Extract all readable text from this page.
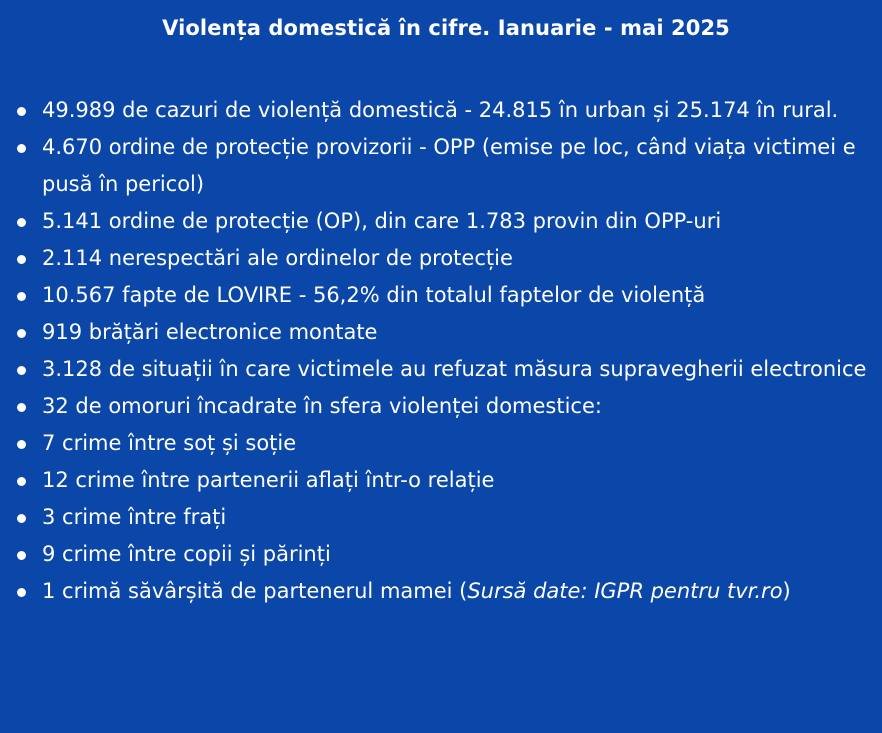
Violența domestică în cifre. Ianuarie - mai 2025
49.989 de cazuri de violență domestică - 24.815 în urban și 25.174 în rural.
4.670 ordine de protecție provizorii - OPP (emise pe loc, când viața victimei e pusă în pericol)
5.141 ordine de protecție (OP), din care 1.783 provin din OPP-uri
2.114 nerespectări ale ordinelor de protecție
10.567 fapte de LOVIRE - 56,2% din totalul faptelor de violență
919 brățări electronice montate
3.128 de situații în care victimele au refuzat măsura supravegherii electronice
32 de omoruri încadrate în sfera violenței domestice:
7 crime între soț și soție
12 crime între partenerii aflați într-o relație
3 crime între frați
9 crime între copii și părinți
1 crimă săvârșită de partenerul mamei (Sursă date: IGPR pentru tvr.ro)
